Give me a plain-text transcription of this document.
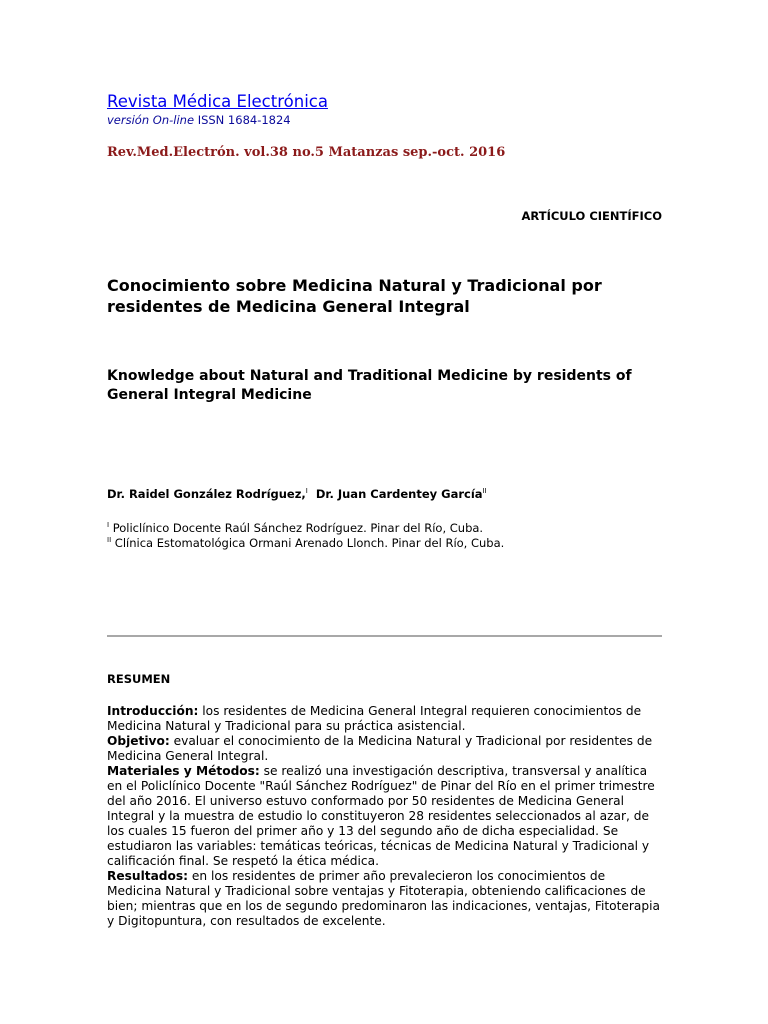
Revista Médica Electrónica
versión On-line ISSN 1684-1824
Rev.Med.Electrón. vol.38 no.5 Matanzas sep.-oct. 2016
ARTÍCULO CIENTÍFICO
Conocimiento sobre Medicina Natural y Tradicional por residentes de Medicina General Integral
Knowledge about Natural and Traditional Medicine by residents of General Integral Medicine
Dr. Raidel González Rodríguez,$^I$ Dr. Juan Cardentey García$^{II}$
$^I$ Policlínico Docente Raúl Sánchez Rodríguez. Pinar del Río, Cuba.
$^{II}$ Clínica Estomatológica Ormani Arenado Llonch. Pinar del Río, Cuba.
RESUMEN

Introducción: los residentes de Medicina General Integral requieren conocimientos de Medicina Natural y Tradicional para su práctica asistencial.

Objetivo: evaluar el conocimiento de la Medicina Natural y Tradicional por residentes de Medicina General Integral.

Materiales y Métodos: se realizó una investigación descriptiva, transversal y analítica en el Policlínico Docente "Raúl Sánchez Rodríguez" de Pinar del Río en el primer trimestre del año 2016. El universo estuvo conformado por 50 residentes de Medicina General Integral y la muestra de estudio lo constituyeron 28 residentes seleccionados al azar, de los cuales 15 fueron del primer año y 13 del segundo año de dicha especialidad. Se estudiaron las variables: temáticas teóricas, técnicas de Medicina Natural y Tradicional y calificación final. Se respetó la ética médica.

Resultados: en los residentes de primer año prevalecieron los conocimientos de Medicina Natural y Tradicional sobre ventajas y Fitoterapia, obteniendo calificaciones de bien; mientras que en los de segundo predominaron las indicaciones, ventajas, Fitoterapia y Digitopuntura, con resultados de excelente.
